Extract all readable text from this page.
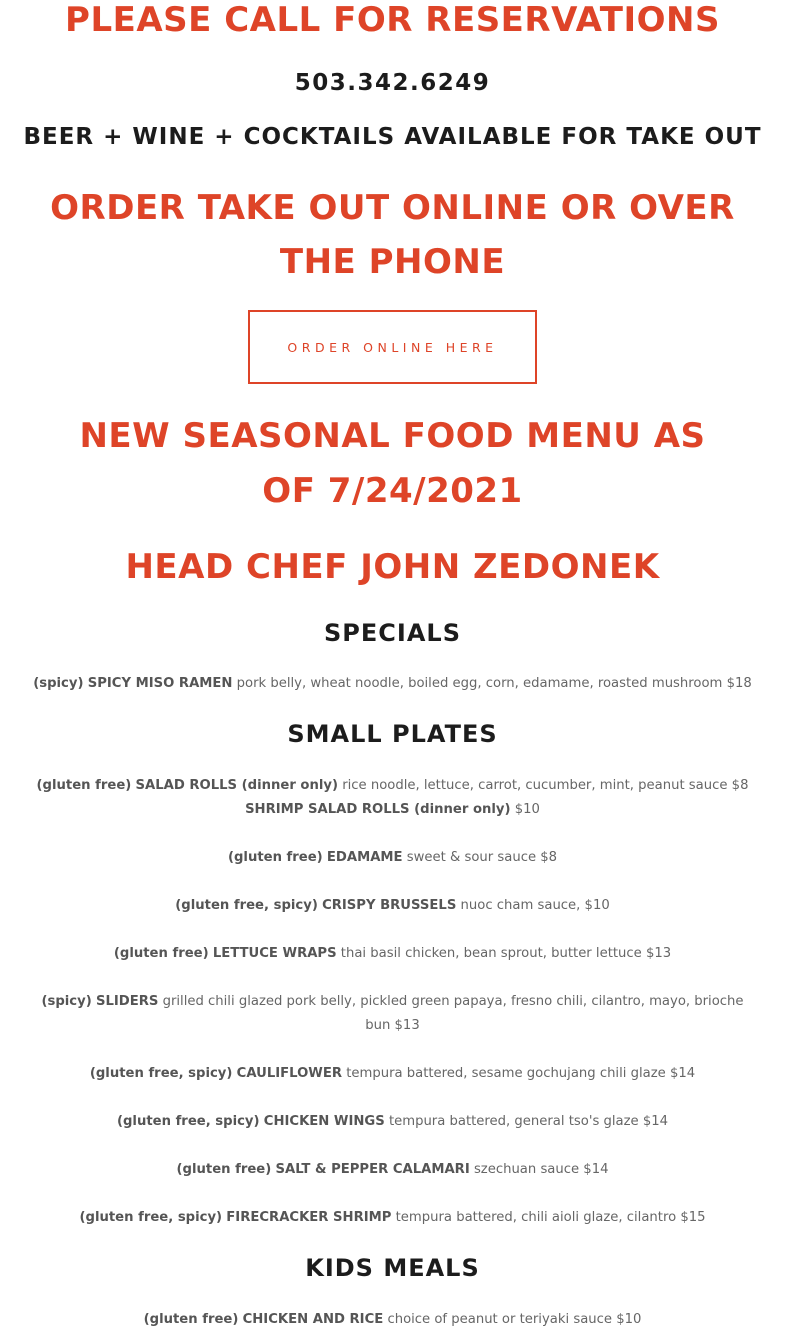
PLEASE CALL FOR RESERVATIONS
503.342.6249
BEER + WINE + COCKTAILS AVAILABLE FOR TAKE OUT
ORDER TAKE OUT ONLINE OR OVER THE PHONE
ORDER ONLINE HERE
NEW SEASONAL FOOD MENU AS OF 7/24/2021
HEAD CHEF JOHN ZEDONEK
SPECIALS

(spicy) SPICY MISO RAMEN pork belly, wheat noodle, boiled egg, corn, edamame, roasted mushroom $18

SMALL PLATES

(gluten free) SALAD ROLLS (dinner only) rice noodle, lettuce, carrot, cucumber, mint, peanut sauce $8
SHRIMP SALAD ROLLS (dinner only) $10

(gluten free) EDAMAME sweet & sour sauce $8

(gluten free, spicy) CRISPY BRUSSELS nuoc cham sauce, $10

(gluten free) LETTUCE WRAPS thai basil chicken, bean sprout, butter lettuce $13

(spicy) SLIDERS grilled chili glazed pork belly, pickled green papaya, fresno chili, cilantro, mayo, brioche bun $13

(gluten free, spicy) CAULIFLOWER tempura battered, sesame gochujang chili glaze $14

(gluten free, spicy) CHICKEN WINGS tempura battered, general tso's glaze $14

(gluten free) SALT & PEPPER CALAMARI szechuan sauce $14

(gluten free, spicy) FIRECRACKER SHRIMP tempura battered, chili aioli glaze, cilantro $15

KIDS MEALS

(gluten free) CHICKEN AND RICE choice of peanut or teriyaki sauce $10
